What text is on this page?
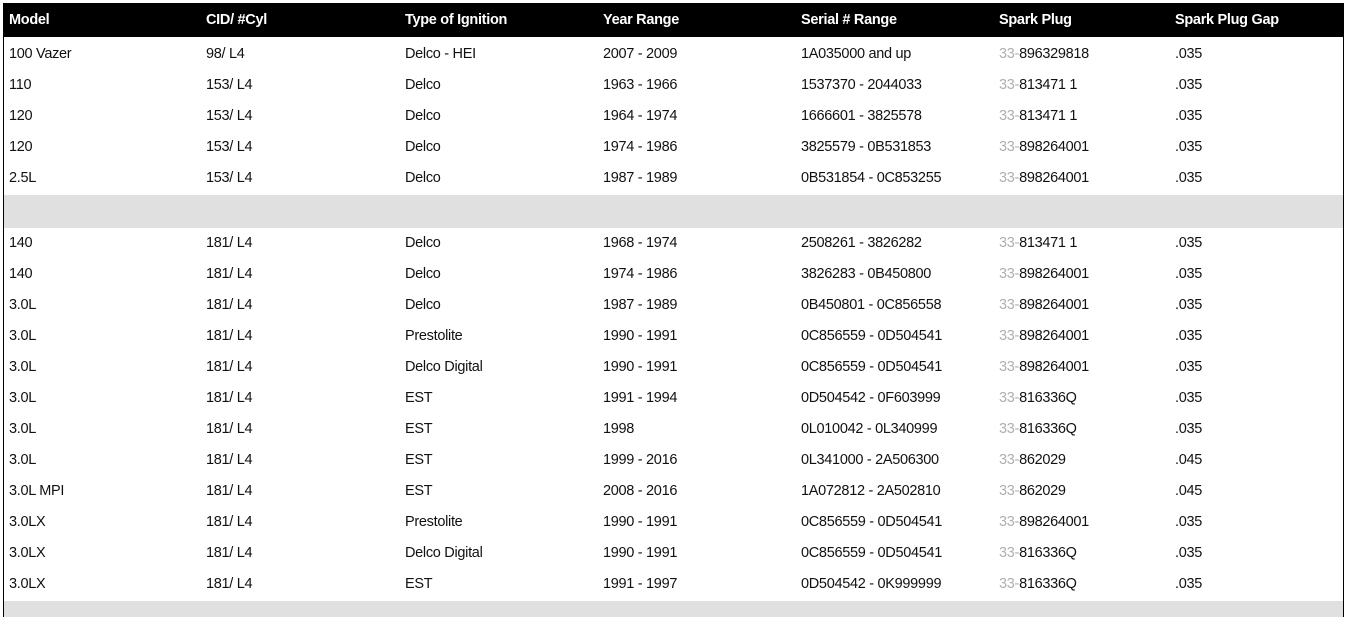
Model	CID/ #Cyl	Type of Ignition	Year Range	Serial # Range	Spark Plug	Spark Plug Gap
100 Vazer	98/ L4	Delco - HEI	2007 - 2009	1A035000 and up	33-896329818	.035
110	153/ L4	Delco	1963 - 1966	1537370 - 2044033	33-813471 1	.035
120	153/ L4	Delco	1964 - 1974	1666601 - 3825578	33-813471 1	.035
120	153/ L4	Delco	1974 - 1986	3825579 - 0B531853	33-898264001	.035
2.5L	153/ L4	Delco	1987 - 1989	0B531854 - 0C853255	33-898264001	.035
140	181/ L4	Delco	1968 - 1974	2508261 - 3826282	33-813471 1	.035
140	181/ L4	Delco	1974 - 1986	3826283 - 0B450800	33-898264001	.035
3.0L	181/ L4	Delco	1987 - 1989	0B450801 - 0C856558	33-898264001	.035
3.0L	181/ L4	Prestolite	1990 - 1991	0C856559 - 0D504541	33-898264001	.035
3.0L	181/ L4	Delco Digital	1990 - 1991	0C856559 - 0D504541	33-898264001	.035
3.0L	181/ L4	EST	1991 - 1994	0D504542 - 0F603999	33-816336Q	.035
3.0L	181/ L4	EST	1998	0L010042 - 0L340999	33-816336Q	.035
3.0L	181/ L4	EST	1999 - 2016	0L341000 - 2A506300	33-862029	.045
3.0L MPI	181/ L4	EST	2008 - 2016	1A072812 - 2A502810	33-862029	.045
3.0LX	181/ L4	Prestolite	1990 - 1991	0C856559 - 0D504541	33-898264001	.035
3.0LX	181/ L4	Delco Digital	1990 - 1991	0C856559 - 0D504541	33-816336Q	.035
3.0LX	181/ L4	EST	1991 - 1997	0D504542 - 0K999999	33-816336Q	.035
